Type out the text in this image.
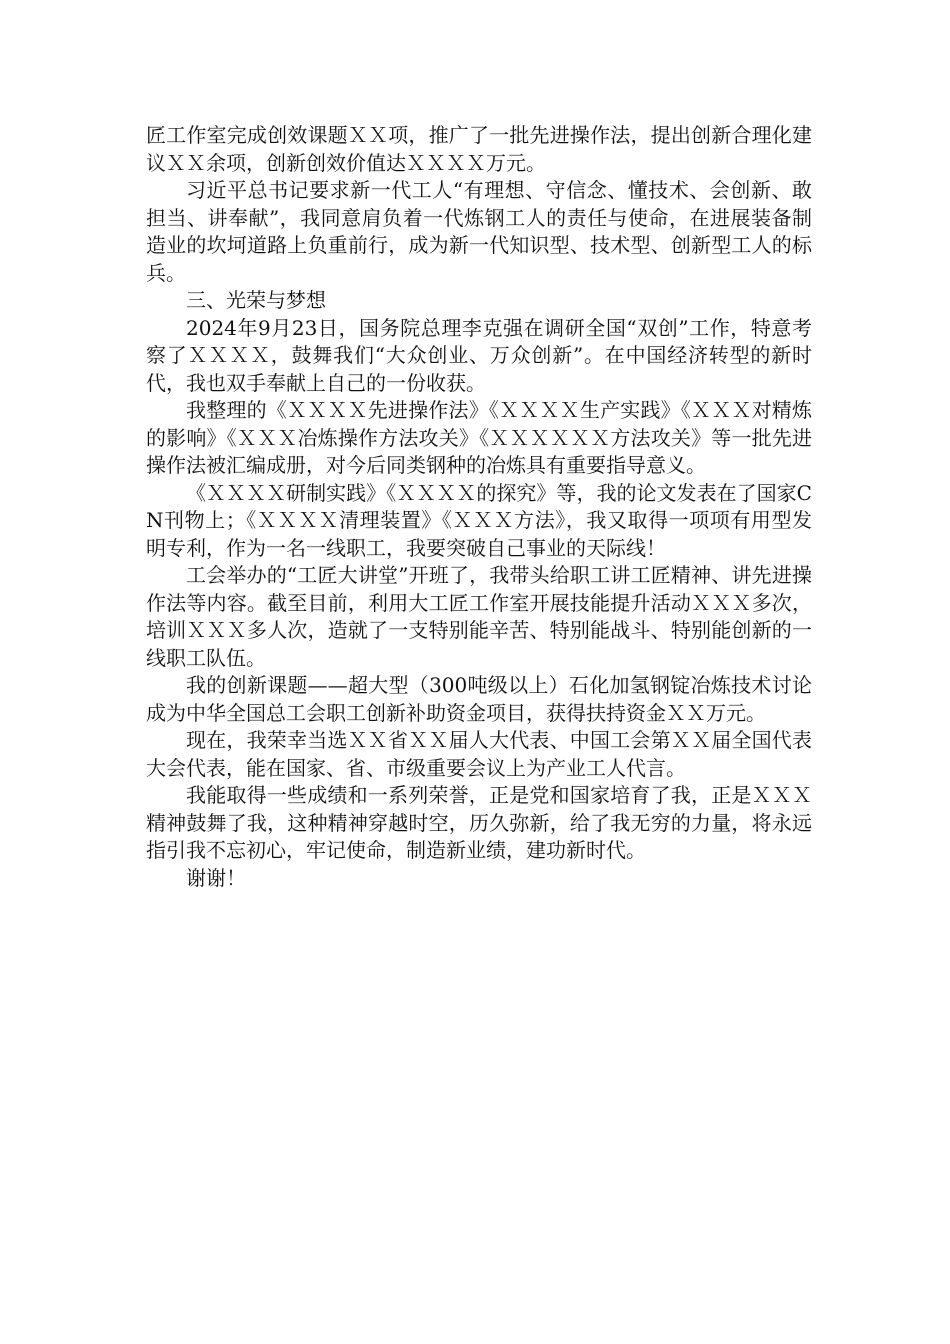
匠工作室完成创效课题ＸＸ项，推广了一批先进操作法，提出创新合理化建议ＸＸ余项，创新创效价值达ＸＸＸＸ万元。

习近平总书记要求新一代工人“有理想、守信念、懂技术、会创新、敢担当、讲奉献”，我同意肩负着一代炼钢工人的责任与使命，在进展装备制造业的坎坷道路上负重前行，成为新一代知识型、技术型、创新型工人的标兵。

三、光荣与梦想

2024年9月23日，国务院总理李克强在调研全国“双创”工作，特意考察了ＸＸＸＸ，鼓舞我们“大众创业、万众创新”。在中国经济转型的新时代，我也双手奉献上自己的一份收获。

我整理的《ＸＸＸＸ先进操作法》《ＸＸＸＸ生产实践》《ＸＸＸ对精炼的影响》《ＸＸＸ冶炼操作方法攻关》《ＸＸＸＸＸＸ方法攻关》等一批先进操作法被汇编成册，对今后同类钢种的冶炼具有重要指导意义。

《ＸＸＸＸ研制实践》《ＸＸＸＸ的探究》等，我的论文发表在了国家CN刊物上；《ＸＸＸＸ清理装置》《ＸＸＸ方法》，我又取得一项项有用型发明专利，作为一名一线职工，我要突破自己事业的天际线！

工会举办的“工匠大讲堂”开班了，我带头给职工讲工匠精神、讲先进操作法等内容。截至目前，利用大工匠工作室开展技能提升活动ＸＸＸ多次，培训ＸＸＸ多人次，造就了一支特别能辛苦、特别能战斗、特别能创新的一线职工队伍。

我的创新课题——超大型（300吨级以上）石化加氢钢锭冶炼技术讨论成为中华全国总工会职工创新补助资金项目，获得扶持资金ＸＸ万元。

现在，我荣幸当选ＸＸ省ＸＸ届人大代表、中国工会第ＸＸ届全国代表大会代表，能在国家、省、市级重要会议上为产业工人代言。

我能取得一些成绩和一系列荣誉，正是党和国家培育了我，正是ＸＸＸ精神鼓舞了我，这种精神穿越时空，历久弥新，给了我无穷的力量，将永远指引我不忘初心，牢记使命，制造新业绩，建功新时代。

谢谢！
